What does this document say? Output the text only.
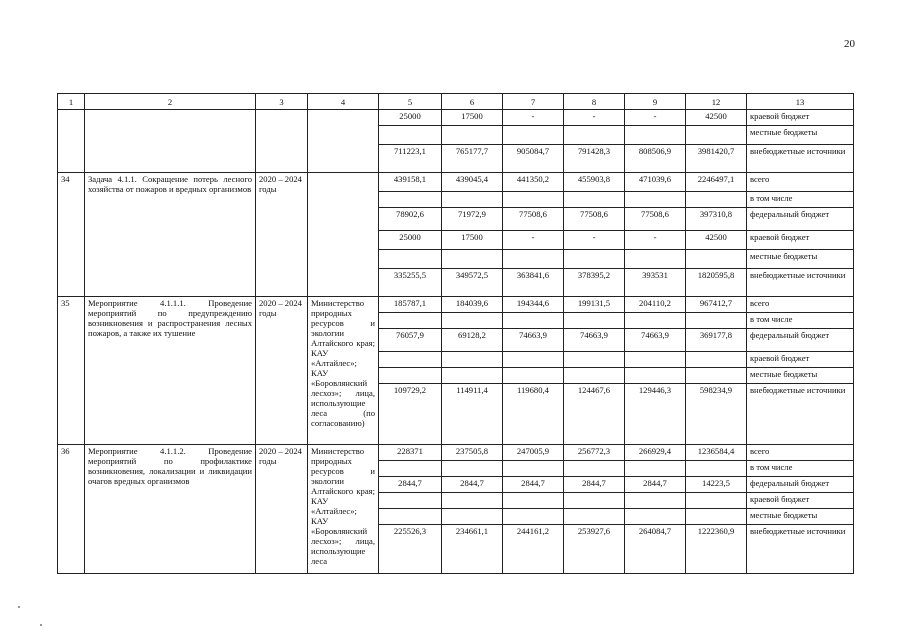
20
1	2	3	4	5	6	7	8	9	12	13
				25000	17500	-	-	-	42500	краевой бюджет
										местные бюджеты
				711223,1	765177,7	905084,7	791428,3	808506,9	3981420,7	внебюджетные источники
34	Задача 4.1.1. Сокращение потерь лесного хозяйства от пожаров и вредных организмов	2020 – 2024 годы		439158,1	439045,4	441350,2	455903,8	471039,6	2246497,1	всего
										в том числе
				78902,6	71972,9	77508,6	77508,6	77508,6	397310,8	федеральный бюджет
				25000	17500	-	-	-	42500	краевой бюджет
										местные бюджеты
				335255,5	349572,5	363841,6	378395,2	393531	1820595,8	внебюджетные источники
35	Мероприятие 4.1.1.1. Проведение мероприятий по предупреждению возникновения и распространения лесных пожаров, а также их тушение	2020 – 2024 годы	Министерство природных ресурсов и экологии Алтайского края; КАУ «Алтайлес»; КАУ «Боровлянский лесхоз»; лица, использующие леса (по согласованию)	185787,1	184039,6	194344,6	199131,5	204110,2	967412,7	всего
										в том числе
				76057,9	69128,2	74663,9	74663,9	74663,9	369177,8	федеральный бюджет
										краевой бюджет
										местные бюджеты
				109729,2	114911,4	119680,4	124467,6	129446,3	598234,9	внебюджетные источники
36	Мероприятие 4.1.1.2. Проведение мероприятий по профилактике возникновения, локализации и ликвидации очагов вредных организмов	2020 – 2024 годы	Министерство природных ресурсов и экологии Алтайского края; КАУ «Алтайлес»; КАУ «Боровлянский лесхоз»; лица, использующие леса	228371	237505,8	247005,9	256772,3	266929,4	1236584,4	всего
										в том числе
				2844,7	2844,7	2844,7	2844,7	2844,7	14223,5	федеральный бюджет
										краевой бюджет
										местные бюджеты
				225526,3	234661,1	244161,2	253927,6	264084,7	1222360,9	внебюджетные источники
